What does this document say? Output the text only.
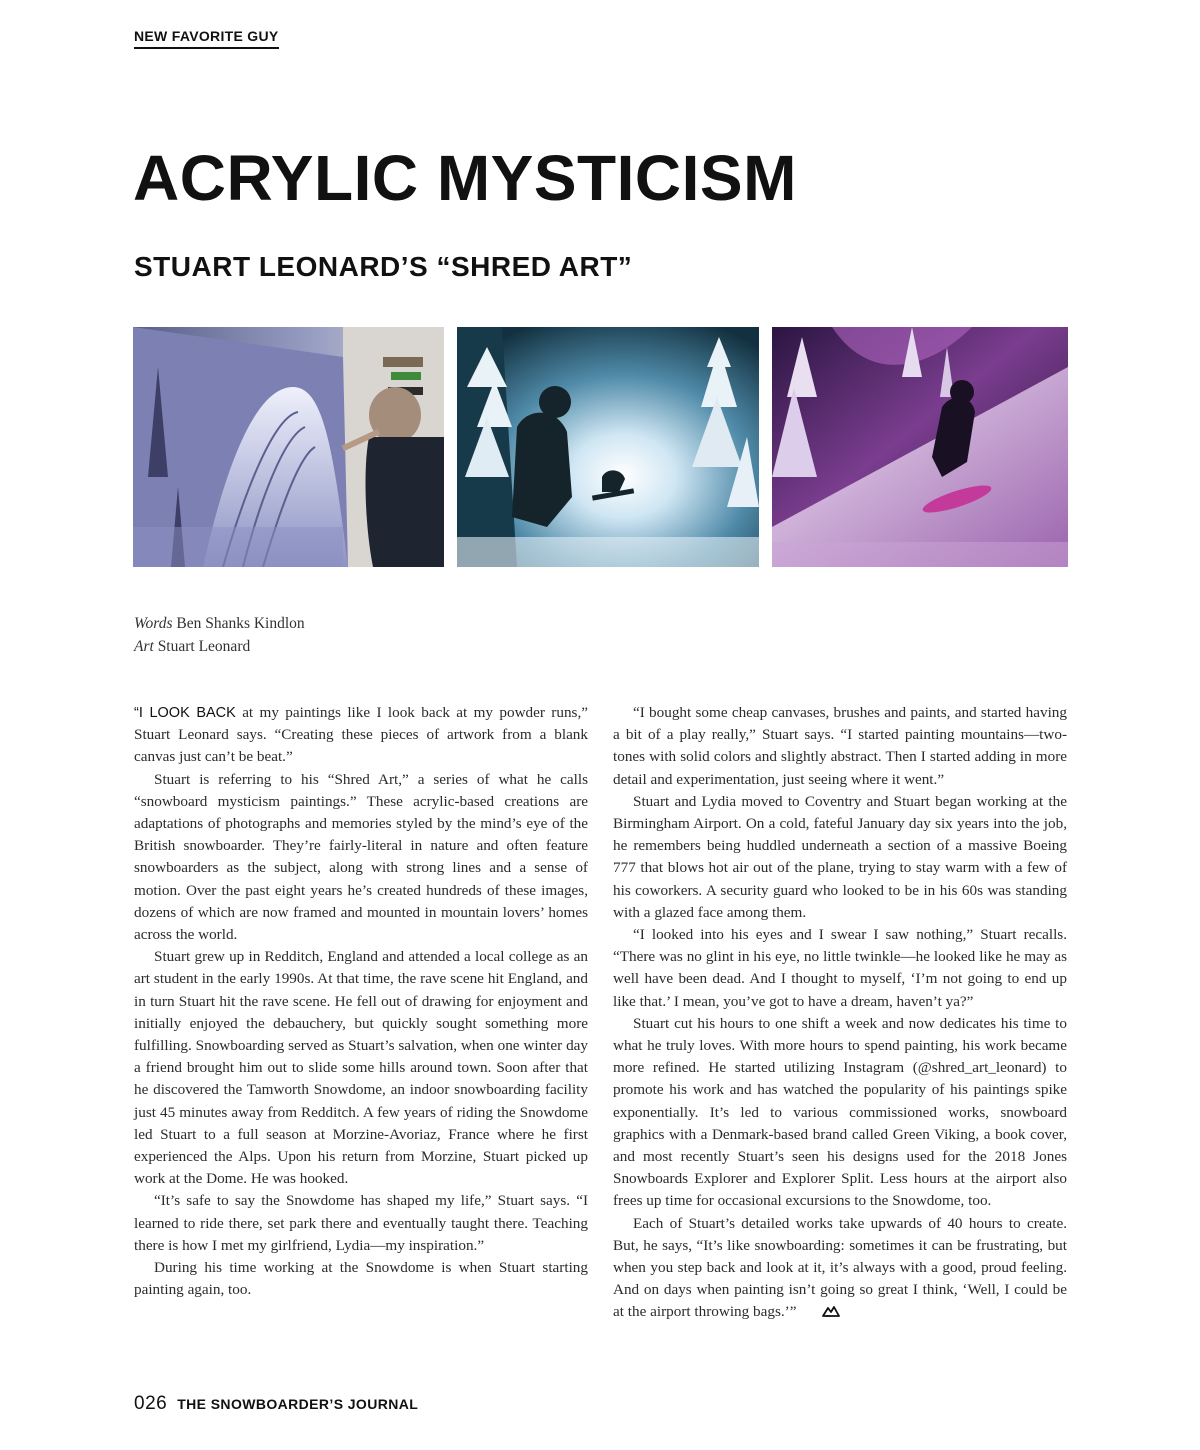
NEW FAVORITE GUY
ACRYLIC MYSTICISM
STUART LEONARD’S “SHRED ART”
Words Ben Shanks Kindlon
Art Stuart Leonard

“I LOOK BACK at my paintings like I look back at my powder runs,” Stuart Leonard says. “Creating these pieces of artwork from a blank canvas just can’t be beat.”

Stuart is referring to his “Shred Art,” a series of what he calls “snowboard mysticism paintings.” These acrylic-based creations are adaptations of photographs and memories styled by the mind’s eye of the British snowboarder. They’re fairly-literal in nature and often feature snowboarders as the subject, along with strong lines and a sense of motion. Over the past eight years he’s created hundreds of these images, dozens of which are now framed and mounted in mountain lovers’ homes across the world.

Stuart grew up in Redditch, England and attended a local college as an art student in the early 1990s. At that time, the rave scene hit England, and in turn Stuart hit the rave scene. He fell out of drawing for enjoyment and initially enjoyed the debauchery, but quickly sought something more fulfilling. Snowboarding served as Stuart’s salvation, when one winter day a friend brought him out to slide some hills around town. Soon after that he discovered the Tamworth Snowdome, an indoor snowboarding facility just 45 minutes away from Redditch. A few years of riding the Snowdome led Stuart to a full season at Morzine-Avoriaz, France where he first experienced the Alps. Upon his return from Morzine, Stuart picked up work at the Dome. He was hooked.

“It’s safe to say the Snowdome has shaped my life,” Stuart says. “I learned to ride there, set park there and eventually taught there. Teaching there is how I met my girlfriend, Lydia—my inspiration.”

During his time working at the Snowdome is when Stuart starting painting again, too.

“I bought some cheap canvases, brushes and paints, and started having a bit of a play really,” Stuart says. “I started painting mountains—two-tones with solid colors and slightly abstract. Then I started adding in more detail and experimentation, just seeing where it went.”

Stuart and Lydia moved to Coventry and Stuart began working at the Birmingham Airport. On a cold, fateful January day six years into the job, he remembers being huddled underneath a section of a massive Boeing 777 that blows hot air out of the plane, trying to stay warm with a few of his coworkers. A security guard who looked to be in his 60s was standing with a glazed face among them.

“I looked into his eyes and I swear I saw nothing,” Stuart recalls. “There was no glint in his eye, no little twinkle—he looked like he may as well have been dead. And I thought to myself, ‘I’m not going to end up like that.’ I mean, you’ve got to have a dream, haven’t ya?”

Stuart cut his hours to one shift a week and now dedicates his time to what he truly loves. With more hours to spend painting, his work became more refined. He started utilizing Instagram (@shred_art_leonard) to promote his work and has watched the popularity of his paintings spike exponentially. It’s led to various commissioned works, snowboard graphics with a Denmark-based brand called Green Viking, a book cover, and most recently Stuart’s seen his designs used for the 2018 Jones Snowboards Explorer and Explorer Split. Less hours at the airport also frees up time for occasional excursions to the Snowdome, too.

Each of Stuart’s detailed works take upwards of 40 hours to create. But, he says, “It’s like snowboarding: sometimes it can be frustrating, but when you step back and look at it, it’s always with a good, proud feeling. And on days when painting isn’t going so great I think, ‘Well, I could be at the airport throwing bags.’”

026 THE SNOWBOARDER’S JOURNAL
